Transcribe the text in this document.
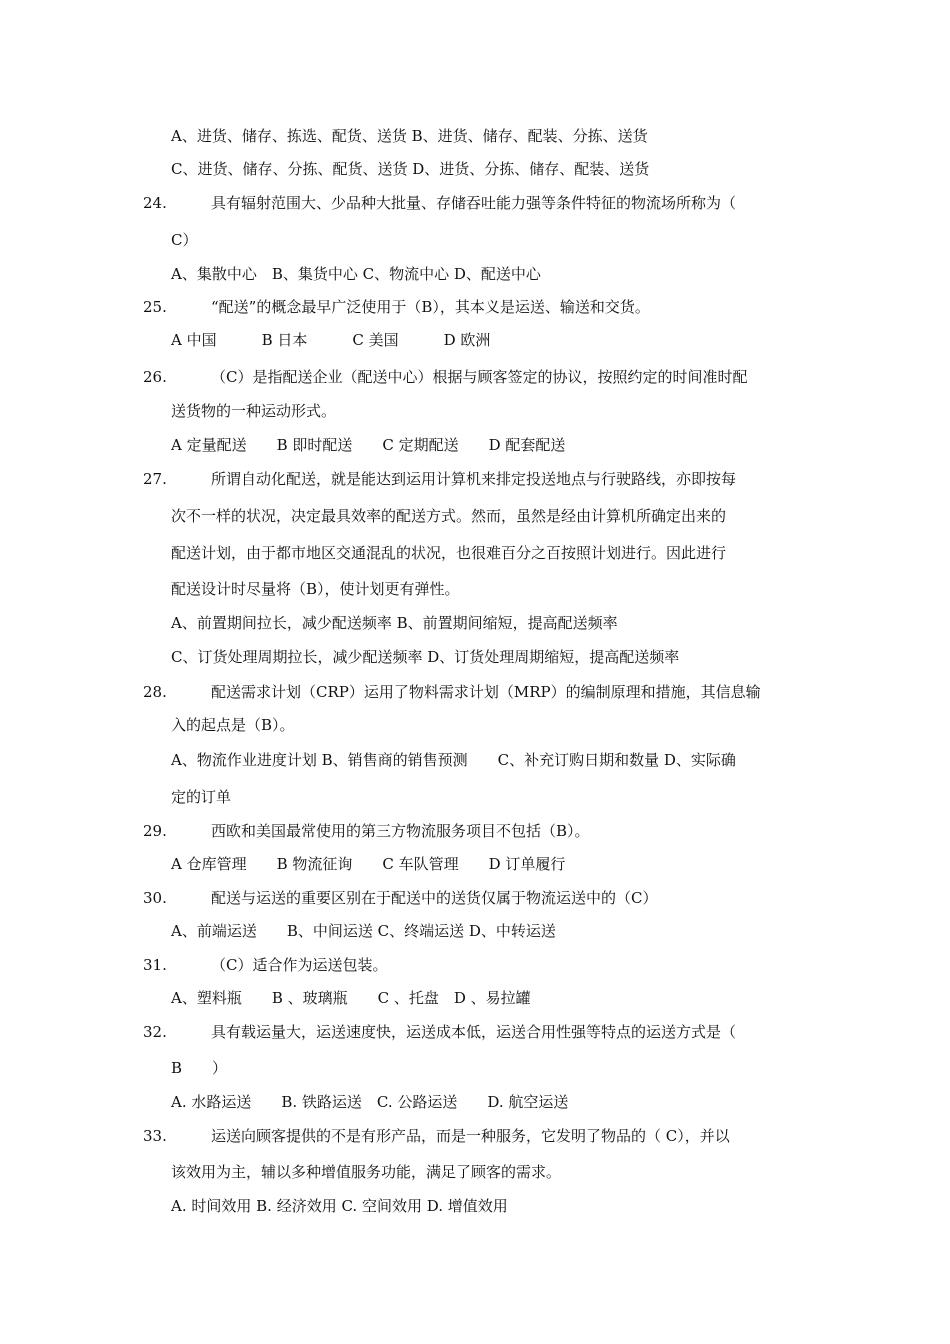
A、进货、储存、拣选、配货、送货 B、进货、储存、配装、分拣、送货
C、进货、储存、分拣、配货、送货 D、进货、分拣、储存、配装、送货
24.	具有辐射范围大、少品种大批量、存储吞吐能力强等条件特征的物流场所称为（
C）
A、集散中心　B、集货中心 C、物流中心 D、配送中心
25.	“配送”的概念最早广泛使用于（B），其本义是运送、输送和交货。
A 中国　　　B 日本　　　C 美国　　　D 欧洲
26.	（C）是指配送企业（配送中心）根据与顾客签定的协议，按照约定的时间准时配
送货物的一种运动形式。
A 定量配送　　B 即时配送　　C 定期配送　　D 配套配送
27.	所谓自动化配送，就是能达到运用计算机来排定投送地点与行驶路线，亦即按每
次不一样的状况，决定最具效率的配送方式。然而，虽然是经由计算机所确定出来的
配送计划，由于都市地区交通混乱的状况，也很难百分之百按照计划进行。因此进行
配送设计时尽量将（B），使计划更有弹性。
A、前置期间拉长，减少配送频率 B、前置期间缩短，提高配送频率
C、订货处理周期拉长，减少配送频率 D、订货处理周期缩短，提高配送频率
28.	配送需求计划（CRP）运用了物料需求计划（MRP）的编制原理和措施，其信息输
入的起点是（B）。
A、物流作业进度计划 B、销售商的销售预测　　C、补充订购日期和数量 D、实际确
定的订单
29.	西欧和美国最常使用的第三方物流服务项目不包括（B）。
A 仓库管理　　B 物流征询　　C 车队管理　　D 订单履行
30.	配送与运送的重要区别在于配送中的送货仅属于物流运送中的（C）
A、前端运送　　B、中间运送 C、终端运送 D、中转运送
31.	（C）适合作为运送包装。
A、塑料瓶　　B 、玻璃瓶　　C 、托盘　D 、易拉罐
32.	具有载运量大，运送速度快，运送成本低，运送合用性强等特点的运送方式是（
B　　）
A. 水路运送　　B. 铁路运送　C. 公路运送　　D. 航空运送
33.	运送向顾客提供的不是有形产品，而是一种服务，它发明了物品的（ C），并以
该效用为主，辅以多种增值服务功能，满足了顾客的需求。
A. 时间效用 B. 经济效用 C. 空间效用 D. 增值效用
